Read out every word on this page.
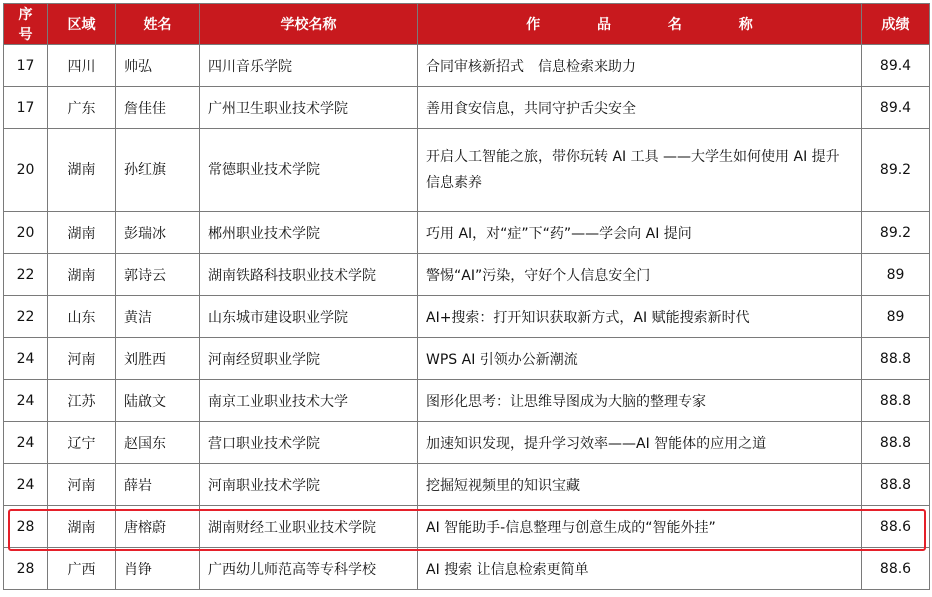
序号	区域	姓名	学校名称	作 品 名 称	成绩
17	四川	帅弘	四川音乐学院	合同审核新招式　信息检索来助力	89.4
17	广东	詹佳佳	广州卫生职业技术学院	善用食安信息，共同守护舌尖安全	89.4
20	湖南	孙红旗	常德职业技术学院	开启人工智能之旅，带你玩转 AI 工具 ——大学生如何使用 AI 提升信息素养	89.2
20	湖南	彭瑞冰	郴州职业技术学院	巧用 AI，对“症”下“药”——学会向 AI 提问	89.2
22	湖南	郭诗云	湖南铁路科技职业技术学院	警惕“AI”污染，守好个人信息安全门	89
22	山东	黄洁	山东城市建设职业学院	AI+搜索：打开知识获取新方式，AI 赋能搜索新时代	89
24	河南	刘胜西	河南经贸职业学院	WPS AI 引领办公新潮流	88.8
24	江苏	陆啟文	南京工业职业技术大学	图形化思考：让思维导图成为大脑的整理专家	88.8
24	辽宁	赵国东	营口职业技术学院	加速知识发现，提升学习效率——AI 智能体的应用之道	88.8
24	河南	薛岩	河南职业技术学院	挖掘短视频里的知识宝藏	88.8
28	湖南	唐榕蔚	湖南财经工业职业技术学院	AI 智能助手-信息整理与创意生成的“智能外挂”	88.6
28	广西	肖铮	广西幼儿师范高等专科学校	AI 搜索 让信息检索更简单	88.6
